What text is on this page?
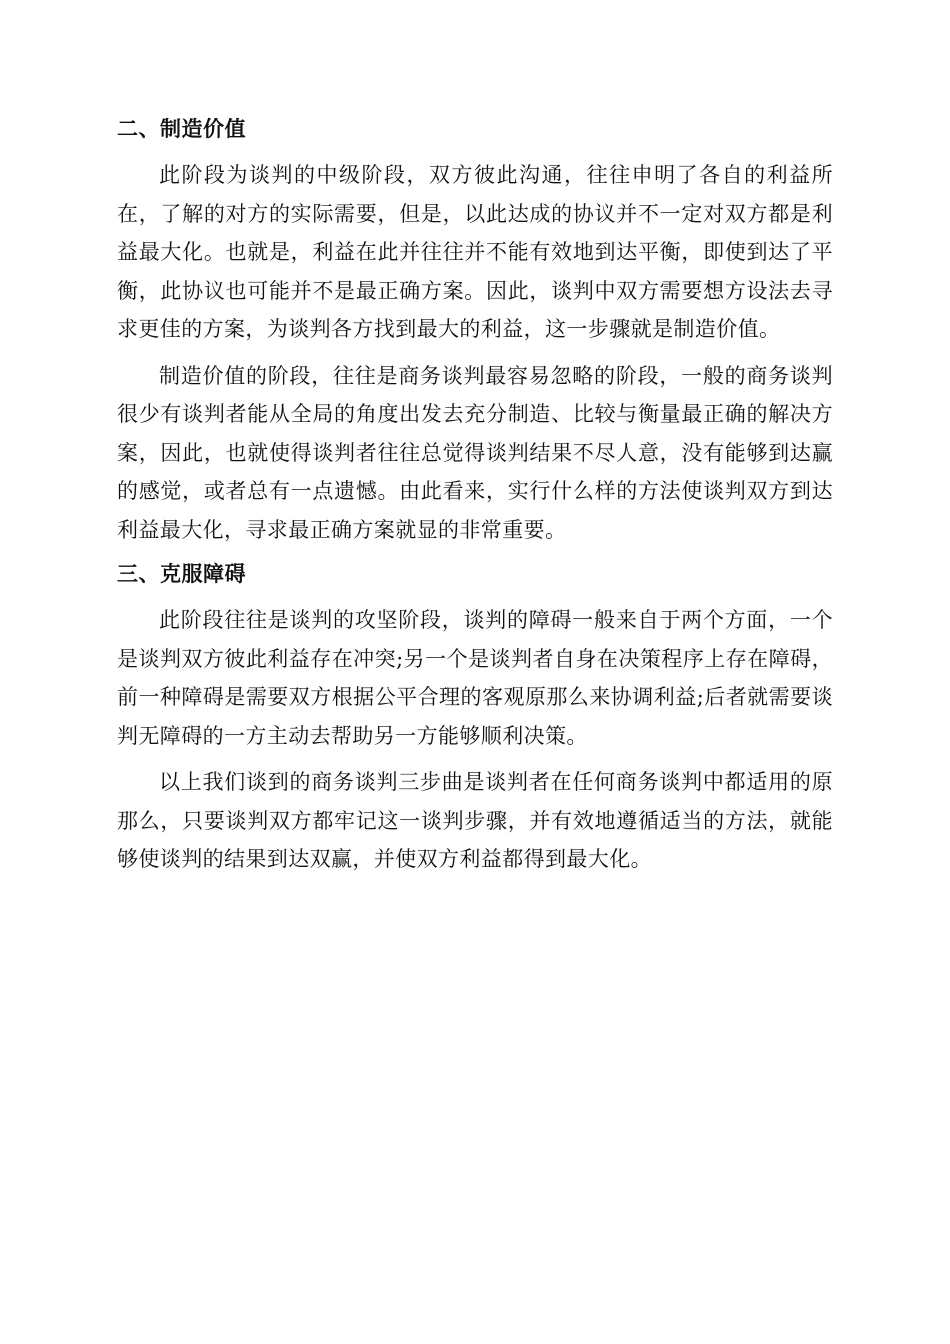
二、制造价值

此阶段为谈判的中级阶段，双方彼此沟通，往往申明了各自的利益所在，了解的对方的实际需要，但是，以此达成的协议并不一定对双方都是利益最大化。也就是，利益在此并往往并不能有效地到达平衡，即使到达了平衡，此协议也可能并不是最正确方案。因此，谈判中双方需要想方设法去寻求更佳的方案，为谈判各方找到最大的利益，这一步骤就是制造价值。

制造价值的阶段，往往是商务谈判最容易忽略的阶段，一般的商务谈判很少有谈判者能从全局的角度出发去充分制造、比较与衡量最正确的解决方案，因此，也就使得谈判者往往总觉得谈判结果不尽人意，没有能够到达赢的感觉，或者总有一点遗憾。由此看来，实行什么样的方法使谈判双方到达利益最大化，寻求最正确方案就显的非常重要。

三、克服障碍

此阶段往往是谈判的攻坚阶段，谈判的障碍一般来自于两个方面，一个是谈判双方彼此利益存在冲突;另一个是谈判者自身在决策程序上存在障碍，前一种障碍是需要双方根据公平合理的客观原那么来协调利益;后者就需要谈判无障碍的一方主动去帮助另一方能够顺利决策。

以上我们谈到的商务谈判三步曲是谈判者在任何商务谈判中都适用的原那么，只要谈判双方都牢记这一谈判步骤，并有效地遵循适当的方法，就能够使谈判的结果到达双赢，并使双方利益都得到最大化。
